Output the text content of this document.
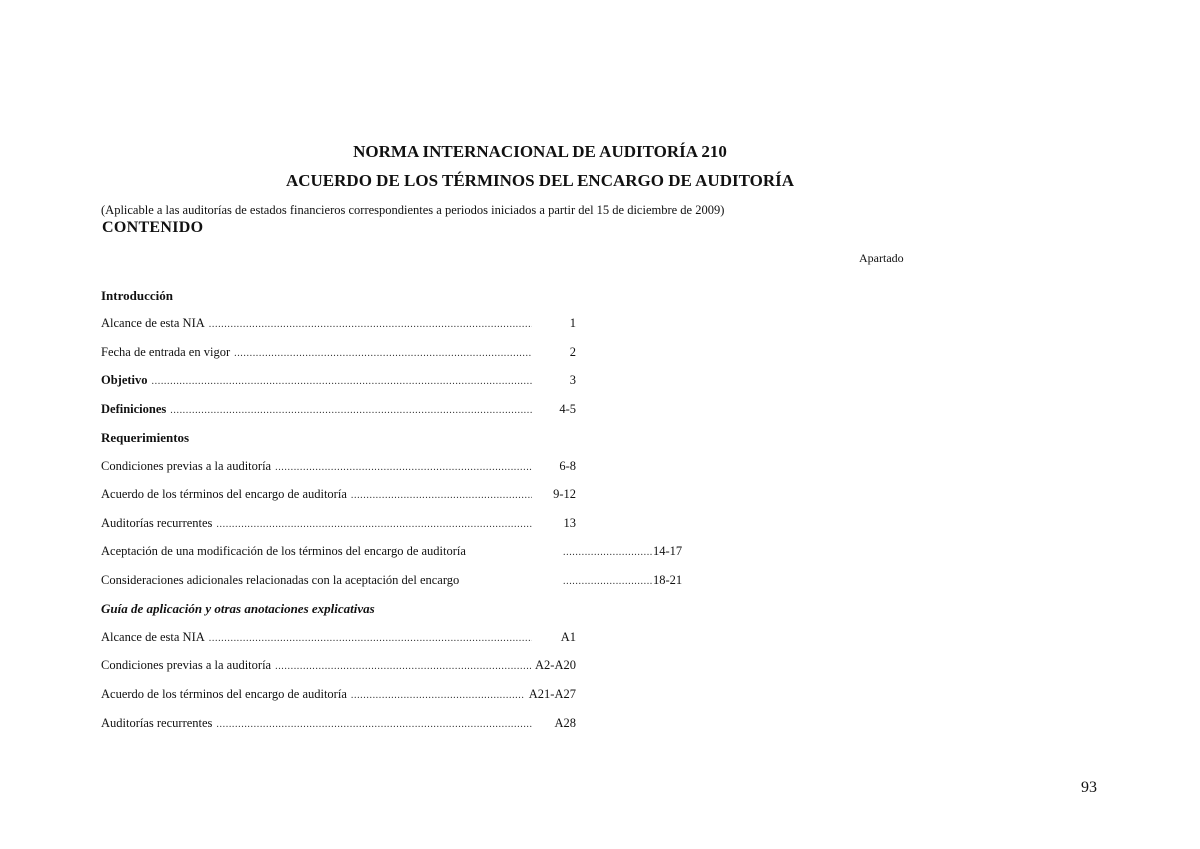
NORMA INTERNACIONAL DE AUDITORÍA 210
ACUERDO DE LOS TÉRMINOS DEL ENCARGO DE AUDITORÍA
(Aplicable a las auditorías de estados financieros correspondientes a periodos iniciados a partir del 15 de diciembre de 2009)
CONTENIDO
Apartado
Introducción
Alcance de esta NIA .....	1
Fecha de entrada en vigor .....	2
Objetivo .....	3
Definiciones .....	4-5
Requerimientos
Condiciones previas a la auditoría .....	6-8
Acuerdo de los términos del encargo de auditoría .....	9-12
Auditorías recurrentes .....	13
Aceptación de una modificación de los términos del encargo de auditoría .....	14-17
Consideraciones adicionales relacionadas con la aceptación del encargo .....	18-21
Guía de aplicación y otras anotaciones explicativas
Alcance de esta NIA .....	A1
Condiciones previas a la auditoría .....	A2-A20
Acuerdo de los términos del encargo de auditoría .....	A21-A27
Auditorías recurrentes .....	A28
93
